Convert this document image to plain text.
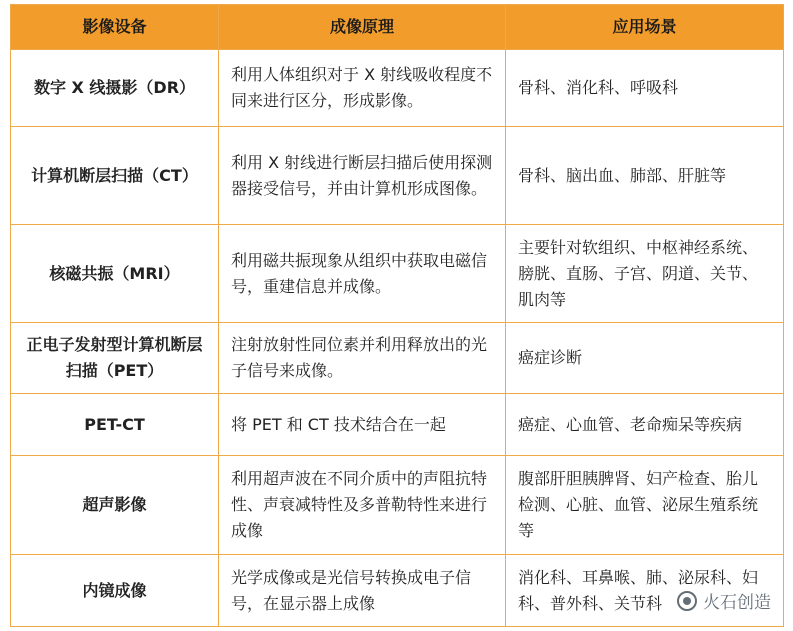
影像设备	成像原理	应用场景
数字 X 线摄影（DR）	利用人体组织对于 X 射线吸收程度不同来进行区分，形成影像。	骨科、消化科、呼吸科
计算机断层扫描（CT）	利用 X 射线进行断层扫描后使用探测器接受信号，并由计算机形成图像。	骨科、脑出血、肺部、肝脏等
核磁共振（MRI）	利用磁共振现象从组织中获取电磁信号，重建信息并成像。	主要针对软组织、中枢神经系统、膀胱、直肠、子宫、阴道、关节、肌肉等
正电子发射型计算机断层扫描（PET）	注射放射性同位素并利用释放出的光子信号来成像。	癌症诊断
PET-CT	将 PET 和 CT 技术结合在一起	癌症、心血管、老命痴呆等疾病
超声影像	利用超声波在不同介质中的声阻抗特性、声衰减特性及多普勒特性来进行成像	腹部肝胆胰脾肾、妇产检查、胎儿检测、心脏、血管、泌尿生殖系统等
内镜成像	光学成像或是光信号转换成电子信号，在显示器上成像	消化科、耳鼻喉、肺、泌尿科、妇科、普外科、关节科 火石创造
